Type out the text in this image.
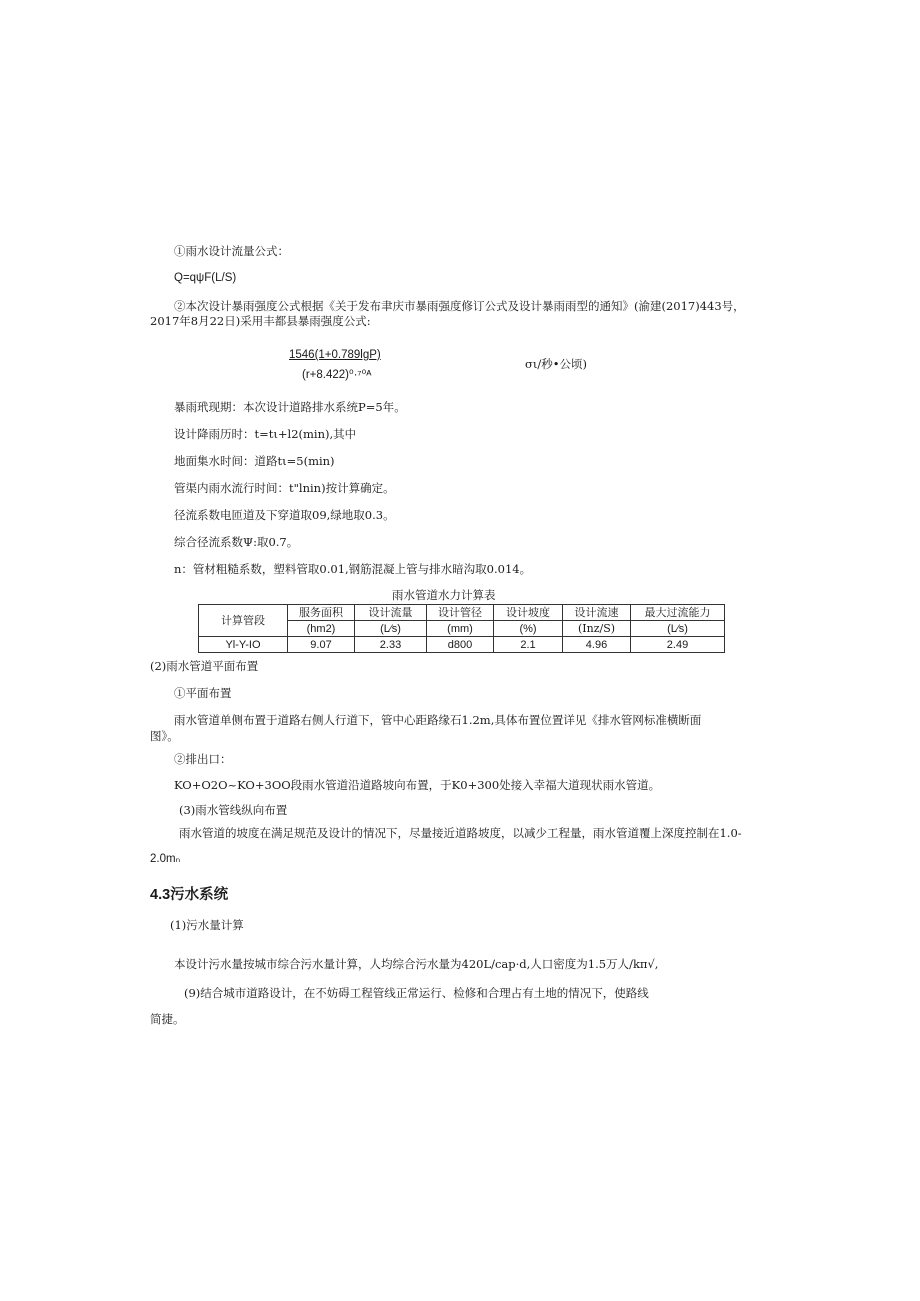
①雨水设计流量公式：
Q=qψF(L/S)
②本次设计暴雨强度公式根据《关于发布聿庆市暴雨强度修订公式及设计暴雨雨型的通知》(渝建(2017)443号，
2017年8月22日)采用丰都县暴雨强度公式:
1546(1+0.789lgP)
(r+8.422)⁰·⁷⁰ᴬ
σι∕秒•公顷)
暴雨玳现期：本次设计道路排水系统P=5年。
设计降雨历时：t=tι+l2(min),其中
地面集水时间：道路tι=5(min)
管渠内雨水流行时间：t"lnin)按计算确定。
径流系数电匝道及下穿道取09,绿地取0.3。
综合径流系数Ψ:取0.7。
n：管材粗糙系数，塑料管取0.01,钢筋混凝上管与排水暗沟取0.014。
雨水管道水力计算表
计算管段	服务面积	设计流量	设计管径	设计坡度	设计流速	最大过流能力
	(hm2)	(L⁄s)	(mm)	(%)	(Inz∕S)	(L⁄s)
Yl-Y-IO	9.07	2.33	d800	2.1	4.96	2.49
(2)雨水管道平面布置
①平面布置
雨水管道单侧布置于道路右侧人行道下，管中心距路缘石1.2m,具体布置位置详见《排水管网标准横断面
图》。
②排出口：
KO+O2O~KO+3OO段雨水管道沿道路坡向布置，于K0+300处接入幸福大道现状雨水管道。
(3)雨水管线纵向布置
雨水管道的坡度在满足规范及设计的情况下，尽量接近道路坡度，以减少工程量，雨水管道覆上深度控制在1.0-
2.0mₙ
4.3污水系统
(1)污水量计算
本设计污水量按城市综合污水量计算，人均综合污水量为420L∕cap·d,人口密度为1.5万人∕kπ√,
(9)结合城市道路设计，在不妨碍工程管线正常运行、检修和合理占有土地的情况下，使路线
简捷。
